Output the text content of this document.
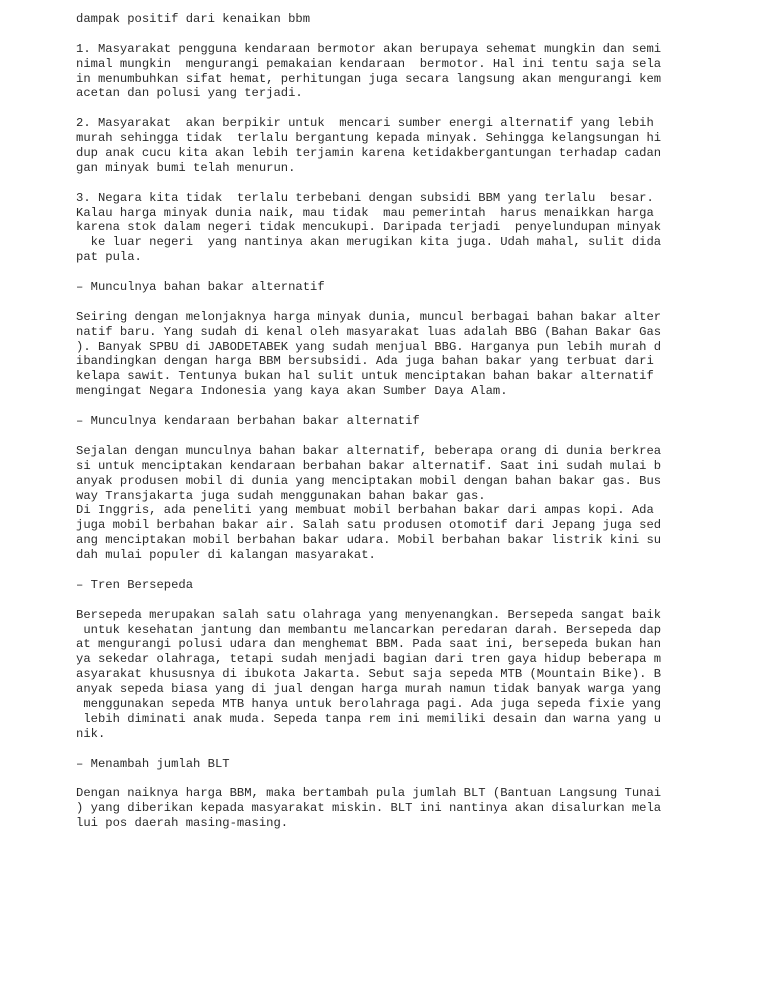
dampak positif dari kenaikan bbm
1. Masyarakat pengguna kendaraan bermotor akan berupaya sehemat mungkin dan semi
nimal mungkin  mengurangi pemakaian kendaraan  bermotor. Hal ini tentu saja sela
in menumbuhkan sifat hemat, perhitungan juga secara langsung akan mengurangi kem
acetan dan polusi yang terjadi.
2. Masyarakat  akan berpikir untuk  mencari sumber energi alternatif yang lebih
murah sehingga tidak  terlalu bergantung kepada minyak. Sehingga kelangsungan hi
dup anak cucu kita akan lebih terjamin karena ketidakbergantungan terhadap cadan
gan minyak bumi telah menurun.
3. Negara kita tidak  terlalu terbebani dengan subsidi BBM yang terlalu  besar.
Kalau harga minyak dunia naik, mau tidak  mau pemerintah  harus menaikkan harga
karena stok dalam negeri tidak mencukupi. Daripada terjadi  penyelundupan minyak
ke luar negeri  yang nantinya akan merugikan kita juga. Udah mahal, sulit dida
pat pula.
– Munculnya bahan bakar alternatif
Seiring dengan melonjaknya harga minyak dunia, muncul berbagai bahan bakar alter
natif baru. Yang sudah di kenal oleh masyarakat luas adalah BBG (Bahan Bakar Gas
). Banyak SPBU di JABODETABEK yang sudah menjual BBG. Harganya pun lebih murah d
ibandingkan dengan harga BBM bersubsidi. Ada juga bahan bakar yang terbuat dari
kelapa sawit. Tentunya bukan hal sulit untuk menciptakan bahan bakar alternatif
mengingat Negara Indonesia yang kaya akan Sumber Daya Alam.
– Munculnya kendaraan berbahan bakar alternatif
Sejalan dengan munculnya bahan bakar alternatif, beberapa orang di dunia berkrea
si untuk menciptakan kendaraan berbahan bakar alternatif. Saat ini sudah mulai b
anyak produsen mobil di dunia yang menciptakan mobil dengan bahan bakar gas. Bus
way Transjakarta juga sudah menggunakan bahan bakar gas.
Di Inggris, ada peneliti yang membuat mobil berbahan bakar dari ampas kopi. Ada
juga mobil berbahan bakar air. Salah satu produsen otomotif dari Jepang juga sed
ang menciptakan mobil berbahan bakar udara. Mobil berbahan bakar listrik kini su
dah mulai populer di kalangan masyarakat.
– Tren Bersepeda
Bersepeda merupakan salah satu olahraga yang menyenangkan. Bersepeda sangat baik
untuk kesehatan jantung dan membantu melancarkan peredaran darah. Bersepeda dap
at mengurangi polusi udara dan menghemat BBM. Pada saat ini, bersepeda bukan han
ya sekedar olahraga, tetapi sudah menjadi bagian dari tren gaya hidup beberapa m
asyarakat khususnya di ibukota Jakarta. Sebut saja sepeda MTB (Mountain Bike). B
anyak sepeda biasa yang di jual dengan harga murah namun tidak banyak warga yang
menggunakan sepeda MTB hanya untuk berolahraga pagi. Ada juga sepeda fixie yang
lebih diminati anak muda. Sepeda tanpa rem ini memiliki desain dan warna yang u
nik.
– Menambah jumlah BLT
Dengan naiknya harga BBM, maka bertambah pula jumlah BLT (Bantuan Langsung Tunai
) yang diberikan kepada masyarakat miskin. BLT ini nantinya akan disalurkan mela
lui pos daerah masing-masing.
